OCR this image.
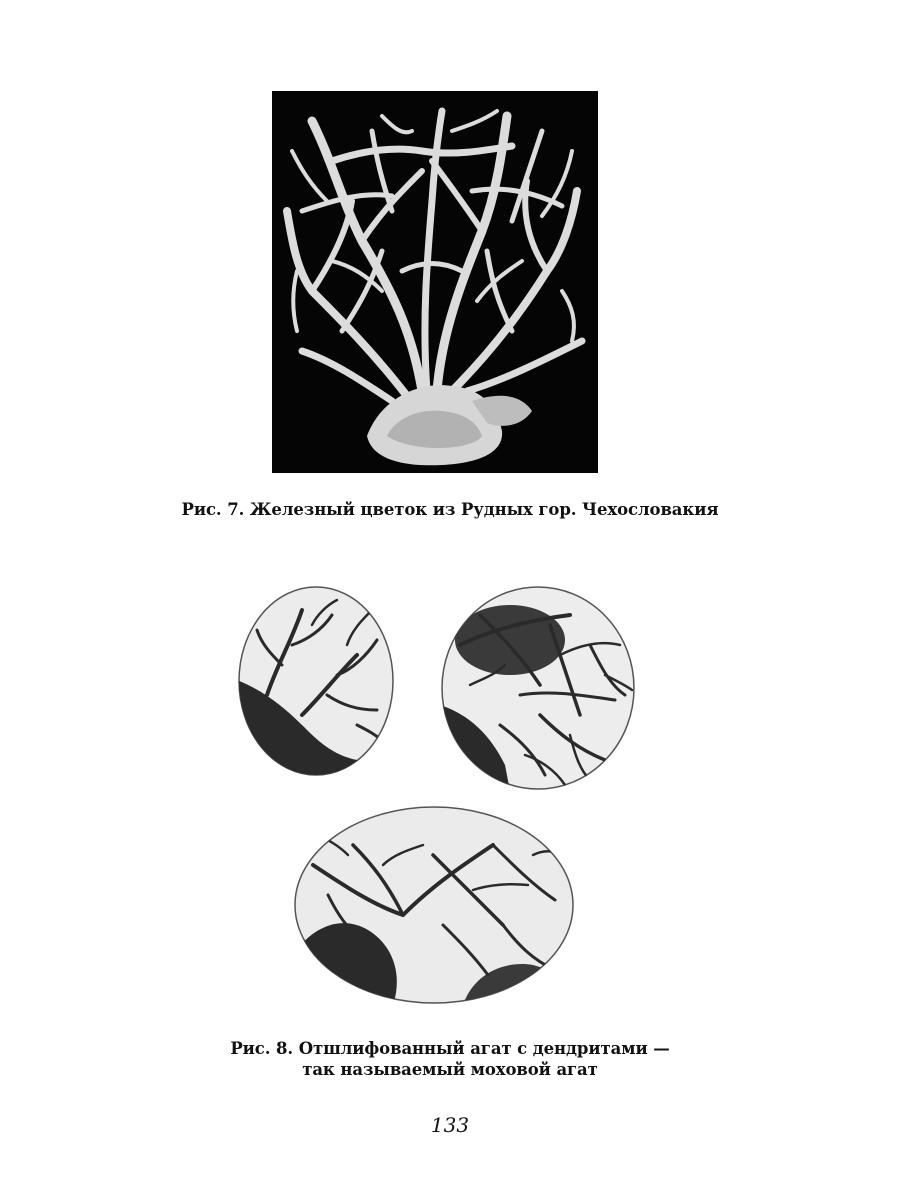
Рис. 7. Железный цветок из Рудных гор. Чехословакия
Рис. 8. Отшлифованный агат с дендритами —
так называемый моховой агат
133
